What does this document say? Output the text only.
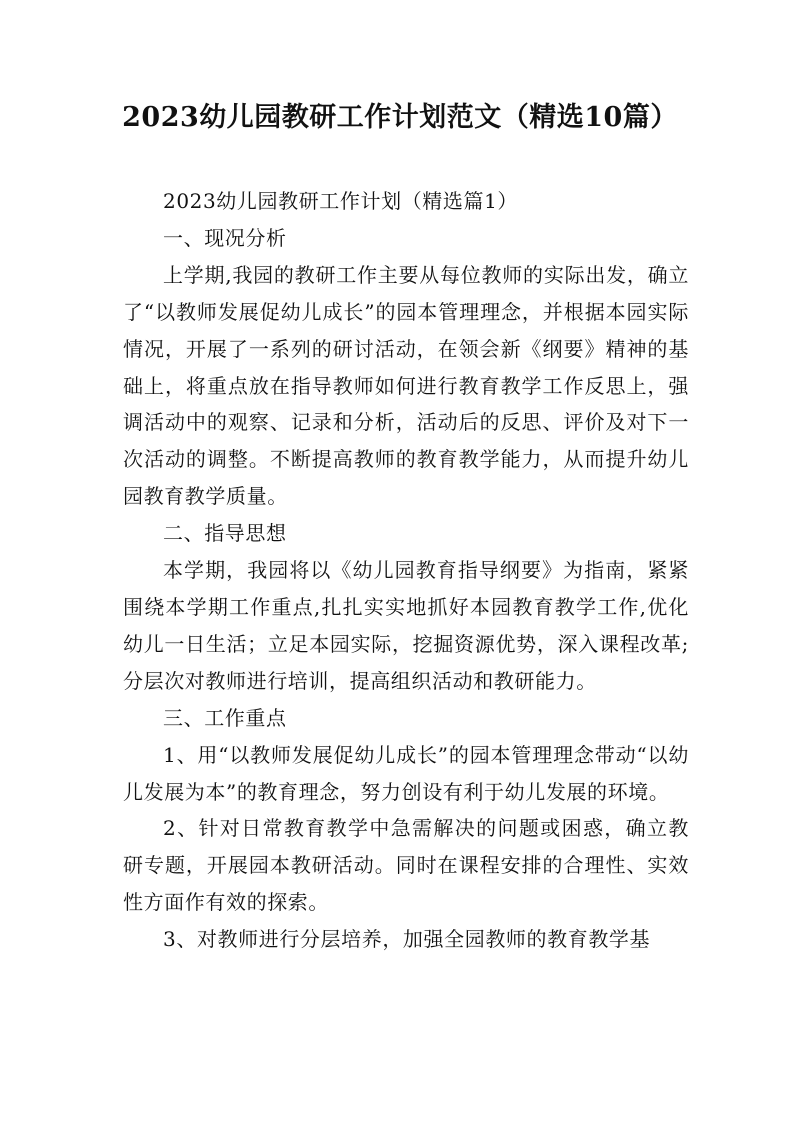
2023幼儿园教研工作计划范文（精选10篇）

2023幼儿园教研工作计划（精选篇1）

一、现况分析

上学期,我园的教研工作主要从每位教师的实际出发，确立了“以教师发展促幼儿成长”的园本管理理念，并根据本园实际情况，开展了一系列的研讨活动，在领会新《纲要》精神的基础上，将重点放在指导教师如何进行教育教学工作反思上，强调活动中的观察、记录和分析，活动后的反思、评价及对下一次活动的调整。不断提高教师的教育教学能力，从而提升幼儿园教育教学质量。

二、指导思想

本学期，我园将以《幼儿园教育指导纲要》为指南，紧紧围绕本学期工作重点,扎扎实实地抓好本园教育教学工作,优化幼儿一日生活；立足本园实际，挖掘资源优势，深入课程改革;分层次对教师进行培训，提高组织活动和教研能力。

三、工作重点

1、用“以教师发展促幼儿成长”的园本管理理念带动“以幼儿发展为本”的教育理念，努力创设有利于幼儿发展的环境。

2、针对日常教育教学中急需解决的问题或困惑，确立教研专题，开展园本教研活动。同时在课程安排的合理性、实效性方面作有效的探索。

3、对教师进行分层培养，加强全园教师的教育教学基
